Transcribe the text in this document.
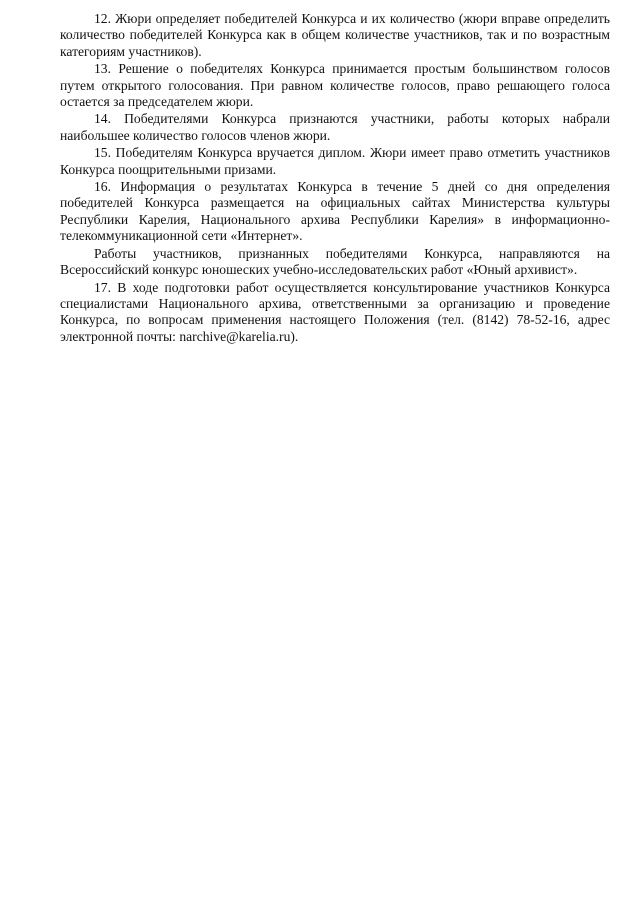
12. Жюри определяет победителей Конкурса и их количество (жюри вправе определить количество победителей Конкурса как в общем количестве участников, так и по возрастным категориям участников).

13. Решение о победителях Конкурса принимается простым большинством голосов путем открытого голосования. При равном количестве голосов, право решающего голоса остается за председателем жюри.

14. Победителями Конкурса признаются участники, работы которых набрали наибольшее количество голосов членов жюри.

15. Победителям Конкурса вручается диплом. Жюри имеет право отметить участников Конкурса поощрительными призами.

16. Информация о результатах Конкурса в течение 5 дней со дня определения победителей Конкурса размещается на официальных сайтах Министерства культуры Республики Карелия, Национального архива Республики Карелия» в информационно-телекоммуникационной сети «Интернет».

Работы участников, признанных победителями Конкурса, направляются на Всероссийский конкурс юношеских учебно-исследовательских работ «Юный архивист».

17. В ходе подготовки работ осуществляется консультирование участников Конкурса специалистами Национального архива, ответственными за организацию и проведение Конкурса, по вопросам применения настоящего Положения (тел. (8142) 78-52-16, адрес электронной почты: narchive@karelia.ru).
